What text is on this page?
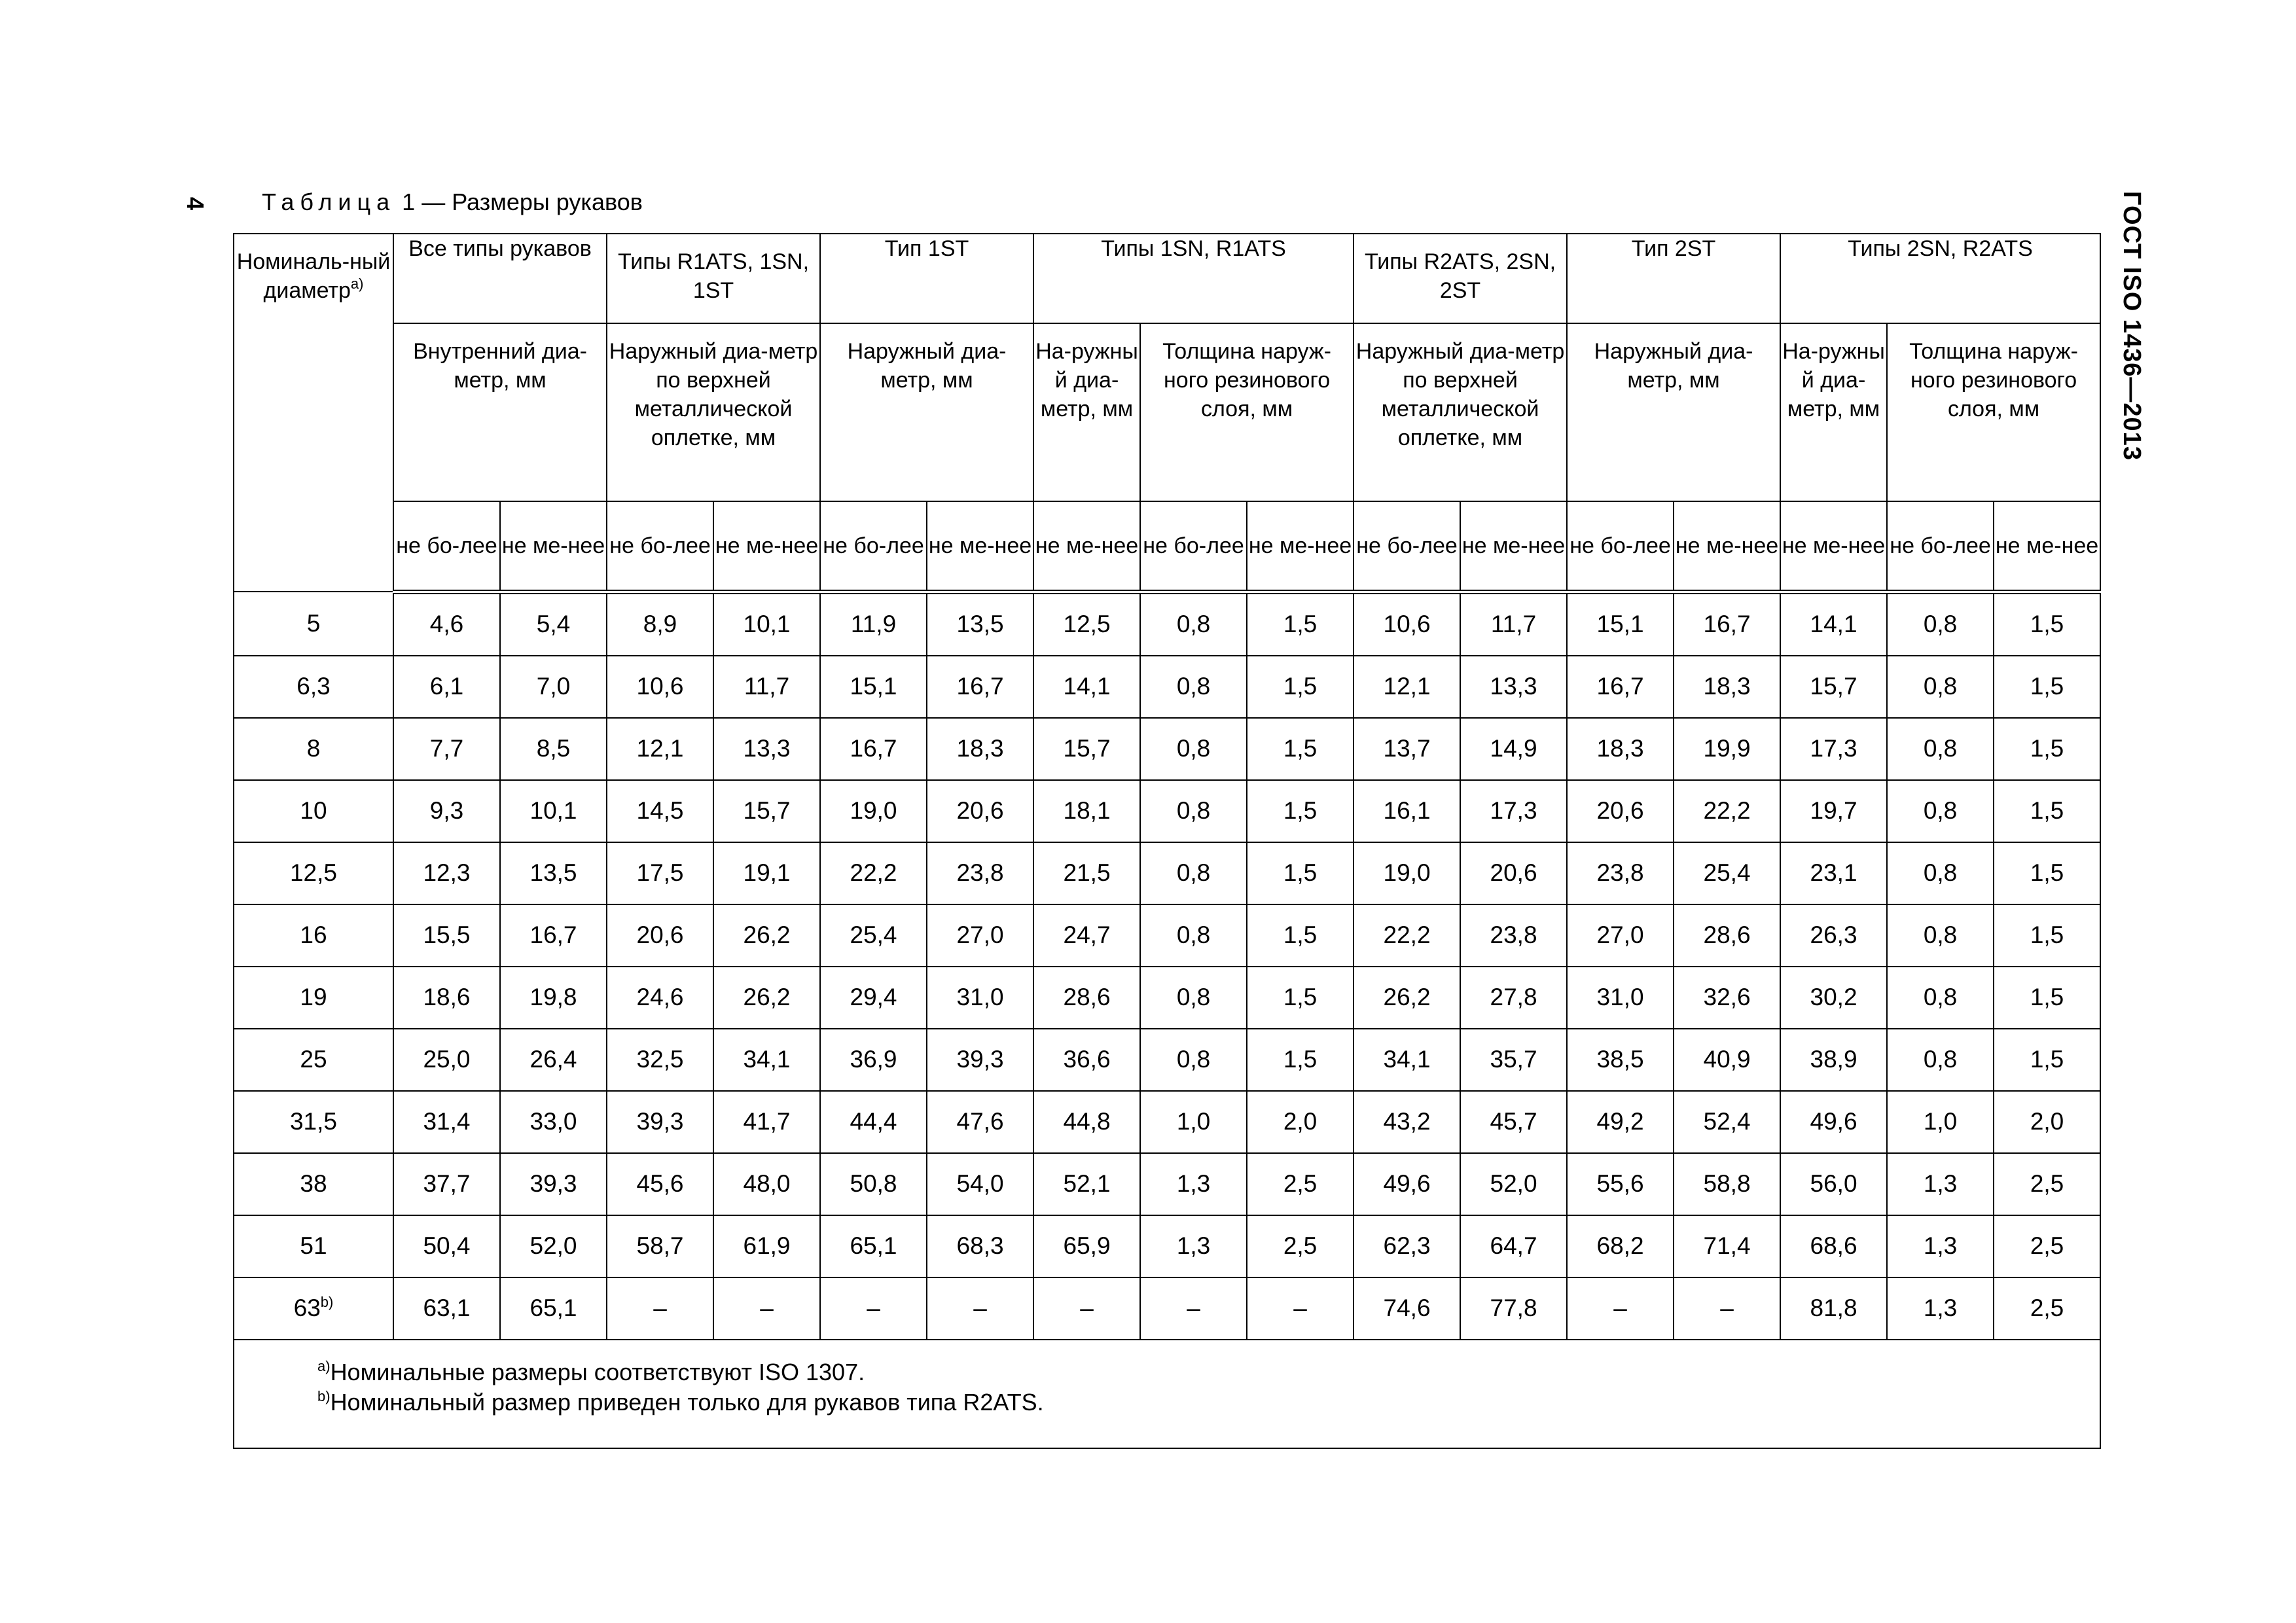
4 Таблица 1 — Размеры рукавов	ГОСТ ISO 1436—2013
Номиналь-ный диаметр$^{a)}$	Все типы рукавов		Типы R1ATS, 1SN, 1ST		Тип 1ST		Типы 1SN, R1ATS			Типы R2ATS, 2SN, 2ST		Тип 2ST		Типы 2SN, R2ATS		
	Внутренний диа-метр, мм		Наружный диа-метр по верхней металлической оплетке, мм		Наружный диа-метр, мм		На-ружны й диа-метр, мм	Толщина наруж-ного резинового слоя, мм		Наружный диа-метр по верхней металлической оплетке, мм		Наружный диа-метр, мм		На-ружны й диа-метр, мм	Толщина наруж-ного резинового слоя, мм	
	не бо-лее	не ме-нее	не бо-лее	не ме-нее	не бо-лее	не ме-нее	не ме-нее	не бо-лее	не ме-нее	не бо-лее	не ме-нее	не бо-лее	не ме-нее	не ме-нее	не бо-лее	не ме-нее
5	4,6	5,4	8,9	10,1	11,9	13,5	12,5	0,8	1,5	10,6	11,7	15,1	16,7	14,1	0,8	1,5
6,3	6,1	7,0	10,6	11,7	15,1	16,7	14,1	0,8	1,5	12,1	13,3	16,7	18,3	15,7	0,8	1,5
8	7,7	8,5	12,1	13,3	16,7	18,3	15,7	0,8	1,5	13,7	14,9	18,3	19,9	17,3	0,8	1,5
10	9,3	10,1	14,5	15,7	19,0	20,6	18,1	0,8	1,5	16,1	17,3	20,6	22,2	19,7	0,8	1,5
12,5	12,3	13,5	17,5	19,1	22,2	23,8	21,5	0,8	1,5	19,0	20,6	23,8	25,4	23,1	0,8	1,5
16	15,5	16,7	20,6	26,2	25,4	27,0	24,7	0,8	1,5	22,2	23,8	27,0	28,6	26,3	0,8	1,5
19	18,6	19,8	24,6	26,2	29,4	31,0	28,6	0,8	1,5	26,2	27,8	31,0	32,6	30,2	0,8	1,5
25	25,0	26,4	32,5	34,1	36,9	39,3	36,6	0,8	1,5	34,1	35,7	38,5	40,9	38,9	0,8	1,5
31,5	31,4	33,0	39,3	41,7	44,4	47,6	44,8	1,0	2,0	43,2	45,7	49,2	52,4	49,6	1,0	2,0
38	37,7	39,3	45,6	48,0	50,8	54,0	52,1	1,3	2,5	49,6	52,0	55,6	58,8	56,0	1,3	2,5
51	50,4	52,0	58,7	61,9	65,1	68,3	65,9	1,3	2,5	62,3	64,7	68,2	71,4	68,6	1,3	2,5
63$^{b)}$	63,1	65,1	–	–	–	–	–	–	–	74,6	77,8	–	–	81,8	1,3	2,5

$^{a)}$Номинальные размеры соответствуют ISO 1307.
$^{b)}$Номинальный размер приведен только для рукавов типа R2ATS.																
